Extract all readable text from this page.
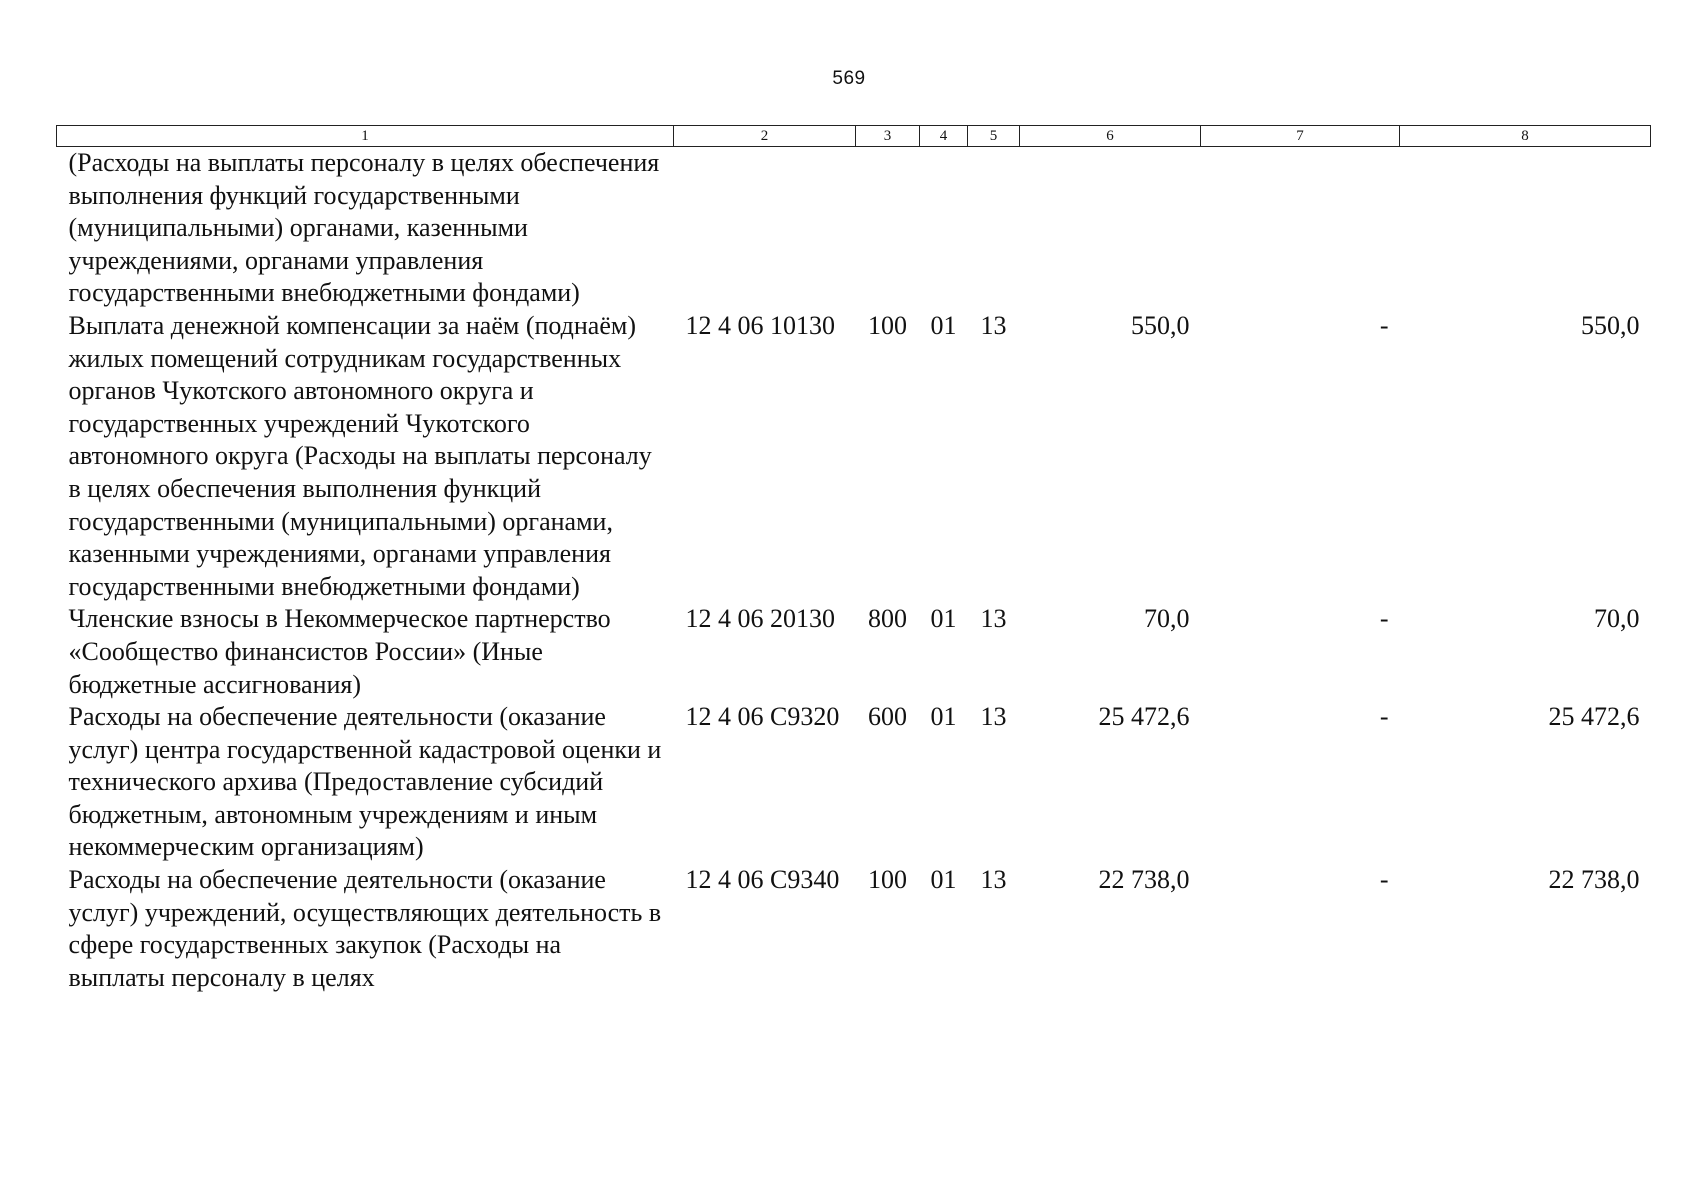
569
1	2	3	4	5	6	7	8
(Расходы на выплаты персоналу в целях обеспечения выполнения функций государственными (муниципальными) органами, казенными учреждениями, органами управления государственными внебюджетными фондами)							
Выплата денежной компенсации за наём (поднаём) жилых помещений сотрудникам государственных органов Чукотского автономного округа и государственных учреждений Чукотского автономного округа (Расходы на выплаты персоналу в целях обеспечения выполнения функций государственными (муниципальными) органами, казенными учреждениями, органами управления государственными внебюджетными фондами)	12 4 06 10130	100	01	13	550,0	-	550,0
Членские взносы в Некоммерческое партнерство «Сообщество финансистов России» (Иные бюджетные ассигнования)	12 4 06 20130	800	01	13	70,0	-	70,0
Расходы на обеспечение деятельности (оказание услуг) центра государственной кадастровой оценки и технического архива (Предоставление субсидий бюджетным, автономным учреждениям и иным некоммерческим организациям)	12 4 06 С9320	600	01	13	25 472,6	-	25 472,6
Расходы на обеспечение деятельности (оказание услуг) учреждений, осуществляющих деятельность в сфере государственных закупок (Расходы на выплаты персоналу в целях	12 4 06 С9340	100	01	13	22 738,0	-	22 738,0
